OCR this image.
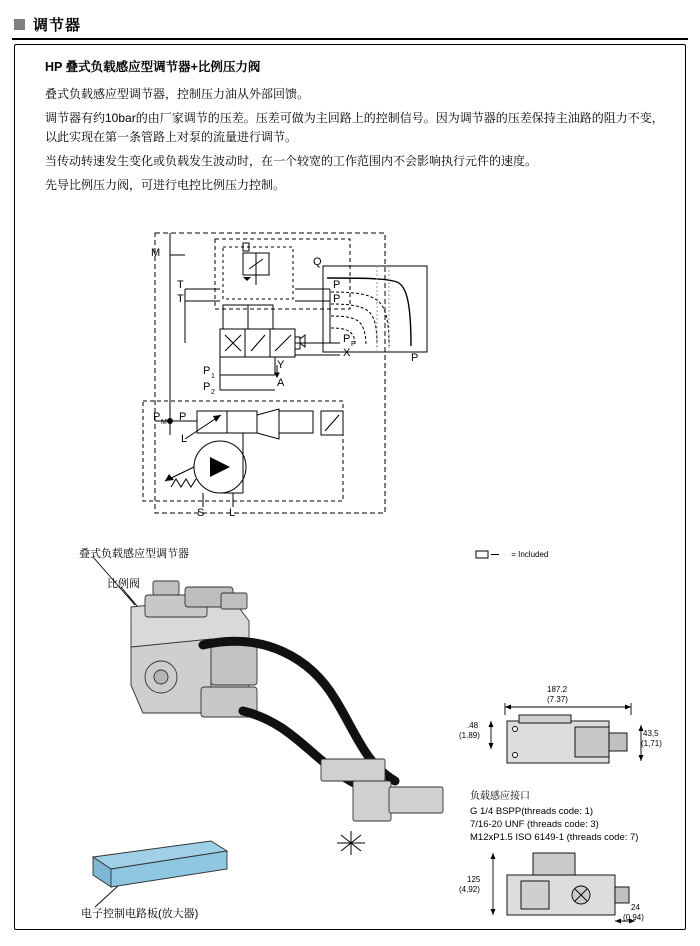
调节器
HP 叠式负载感应型调节器+比例压力阀
叠式负载感应型调节器，控制压力油从外部回馈。
调节器有约10bar的由厂家调节的压差。压差可做为主回路上的控制信号。因为调节器的压差保持主油路的阻力不变，以此实现在第一条管路上对泵的流量进行调节。
当传动转速发生变化或负载发生波动时，在一个较宽的工作范围内不会影响执行元件的速度。
先导比例压力阀，可进行电控比例压力控制。
T
T
P
P
P F
X
Y
A
P 1
P 2
P M P
L
L
S
M
= Included
Q
P
叠式负载感应型调节器
比例阀
电子控制电路板(放大器)
187.2
(7.37)
.48
(1.89)	43,5
(1,71)
125
(4,92)
24
(0,94)
负载感应接口
G 1/4 BSPP(threads code: 1)
7/16-20 UNF (threads code: 3)
M12xP1.5 ISO 6149-1 (threads code: 7)
